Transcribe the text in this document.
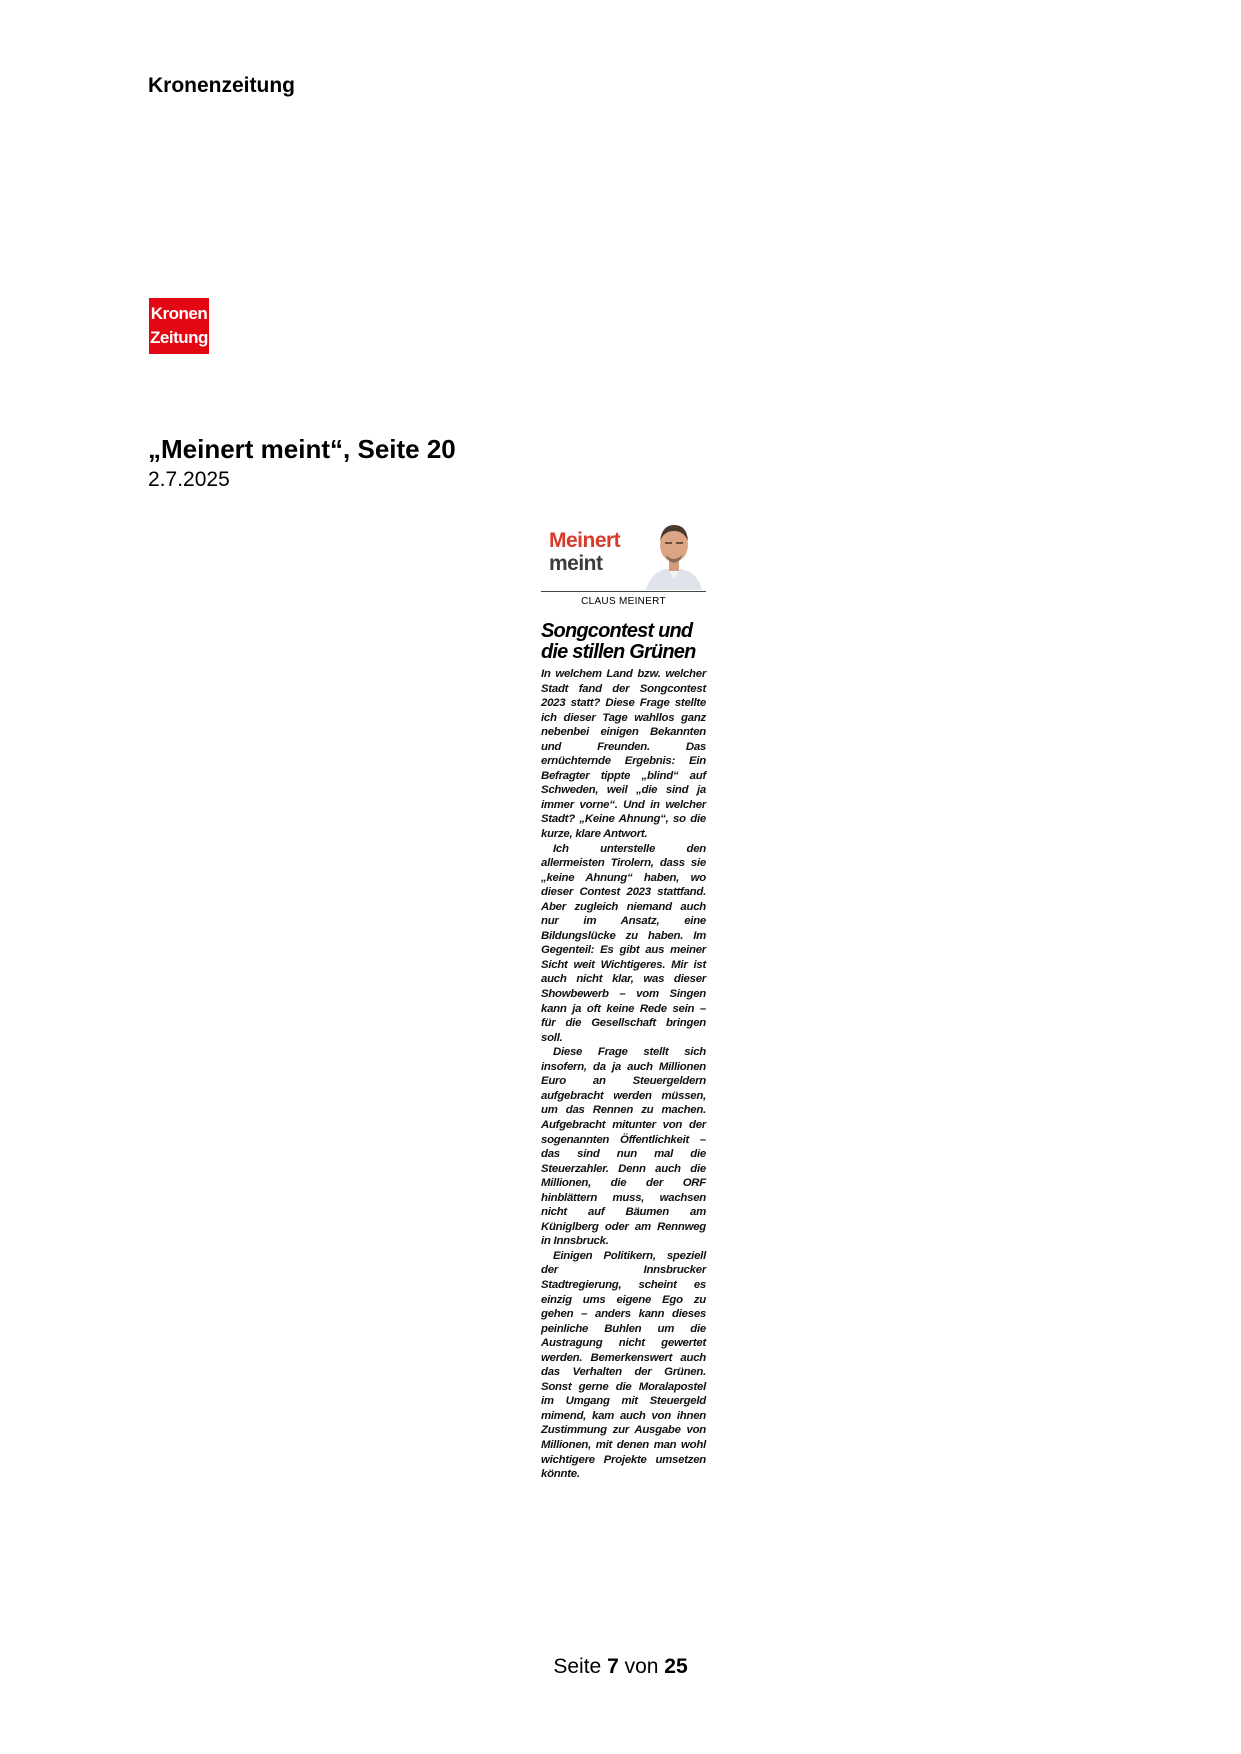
Kronenzeitung
Kronen
Zeitung
„Meinert meint“, Seite 20
2.7.2025
Meinert
meint
CLAUS MEINERT
Songcontest und die stillen Grünen

In welchem Land bzw. welcher Stadt fand der Songcontest 2023 statt? Diese Frage stellte ich dieser Tage wahllos ganz nebenbei einigen Bekannten und Freunden. Das ernüchternde Ergebnis: Ein Befragter tippte „blind“ auf Schweden, weil „die sind ja immer vorne“. Und in welcher Stadt? „Keine Ahnung“, so die kurze, klare Antwort.

Ich unterstelle den allermeisten Tirolern, dass sie „keine Ahnung“ haben, wo dieser Contest 2023 stattfand. Aber zugleich niemand auch nur im Ansatz, eine Bildungslücke zu haben. Im Gegenteil: Es gibt aus meiner Sicht weit Wichtigeres. Mir ist auch nicht klar, was dieser Showbewerb – vom Singen kann ja oft keine Rede sein – für die Gesellschaft bringen soll.

Diese Frage stellt sich insofern, da ja auch Millionen Euro an Steuergeldern aufgebracht werden müssen, um das Rennen zu machen. Aufgebracht mitunter von der sogenannten Öffentlichkeit – das sind nun mal die Steuerzahler. Denn auch die Millionen, die der ORF hinblättern muss, wachsen nicht auf Bäumen am Küniglberg oder am Rennweg in Innsbruck.

Einigen Politikern, speziell der Innsbrucker Stadtregierung, scheint es einzig ums eigene Ego zu gehen – anders kann dieses peinliche Buhlen um die Austragung nicht gewertet werden. Bemerkenswert auch das Verhalten der Grünen. Sonst gerne die Moralapostel im Umgang mit Steuergeld mimend, kam auch von ihnen Zustimmung zur Ausgabe von Millionen, mit denen man wohl wichtigere Projekte umsetzen könnte.

Seite 7 von 25
